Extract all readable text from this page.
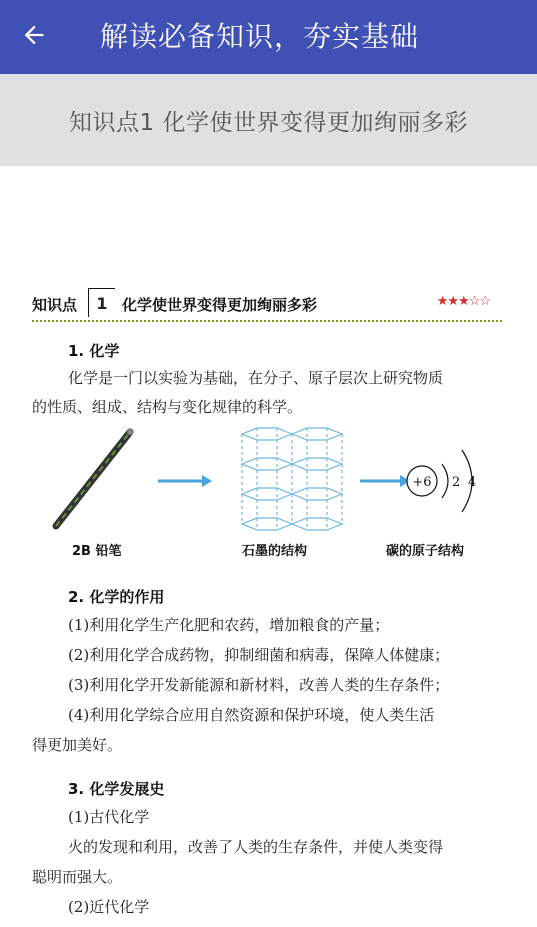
解读必备知识，夯实基础
知识点1 化学使世界变得更加绚丽多彩
知识点	1 化学使世界变得更加绚丽多彩	★★★☆☆
1. 化学
化学是一门以实验为基础，在分子、原子层次上研究物质
的性质、组成、结构与变化规律的科学。
+6 2 4
2B 铅笔	石墨的结构	碳的原子结构
2. 化学的作用
(1)利用化学生产化肥和农药，增加粮食的产量；
(2)利用化学合成药物，抑制细菌和病毒，保障人体健康；
(3)利用化学开发新能源和新材料，改善人类的生存条件；
(4)利用化学综合应用自然资源和保护环境，使人类生活
得更加美好。
3. 化学发展史
(1)古代化学
火的发现和利用，改善了人类的生存条件，并使人类变得
聪明而强大。
(2)近代化学
